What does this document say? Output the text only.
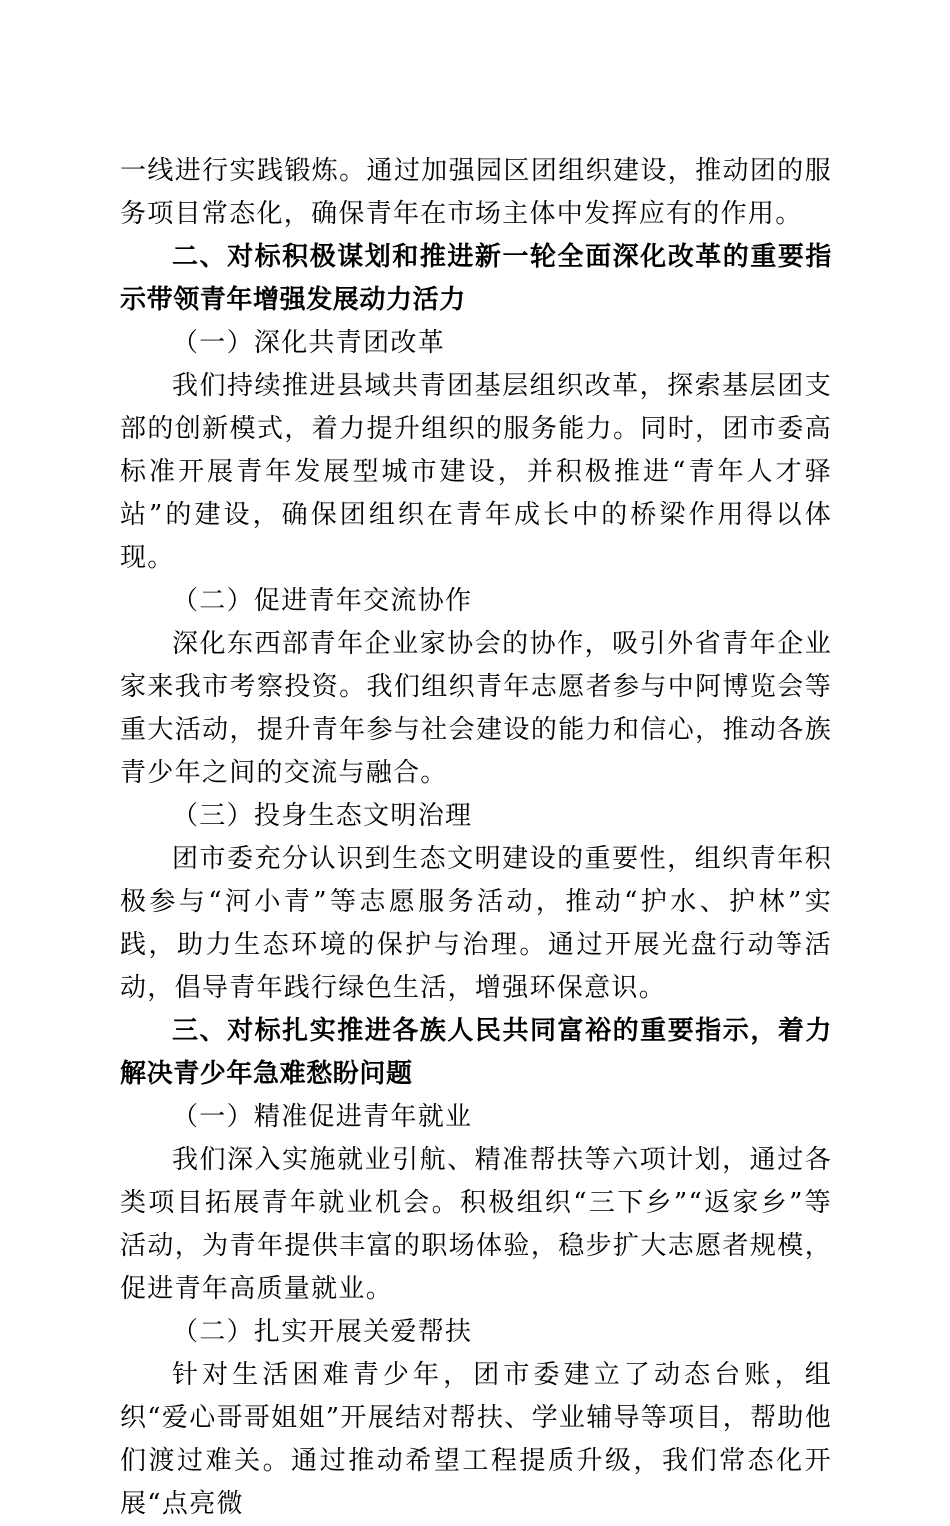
一线进行实践锻炼。通过加强园区团组织建设，推动团的服务项目常态化，确保青年在市场主体中发挥应有的作用。

二、对标积极谋划和推进新一轮全面深化改革的重要指示带领青年增强发展动力活力

（一）深化共青团改革

我们持续推进县域共青团基层组织改革，探索基层团支部的创新模式，着力提升组织的服务能力。同时，团市委高标准开展青年发展型城市建设，并积极推进“青年人才驿站”的建设，确保团组织在青年成长中的桥梁作用得以体现。

（二）促进青年交流协作

深化东西部青年企业家协会的协作，吸引外省青年企业家来我市考察投资。我们组织青年志愿者参与中阿博览会等重大活动，提升青年参与社会建设的能力和信心，推动各族青少年之间的交流与融合。

（三）投身生态文明治理

团市委充分认识到生态文明建设的重要性，组织青年积极参与“河小青”等志愿服务活动，推动“护水、护林”实践，助力生态环境的保护与治理。通过开展光盘行动等活动，倡导青年践行绿色生活，增强环保意识。

三、对标扎实推进各族人民共同富裕的重要指示，着力解决青少年急难愁盼问题

（一）精准促进青年就业

我们深入实施就业引航、精准帮扶等六项计划，通过各类项目拓展青年就业机会。积极组织“三下乡”“返家乡”等活动，为青年提供丰富的职场体验，稳步扩大志愿者规模，促进青年高质量就业。

（二）扎实开展关爱帮扶

针对生活困难青少年，团市委建立了动态台账，组织“爱心哥哥姐姐”开展结对帮扶、学业辅导等项目，帮助他们渡过难关。通过推动希望工程提质升级，我们常态化开展“点亮微
